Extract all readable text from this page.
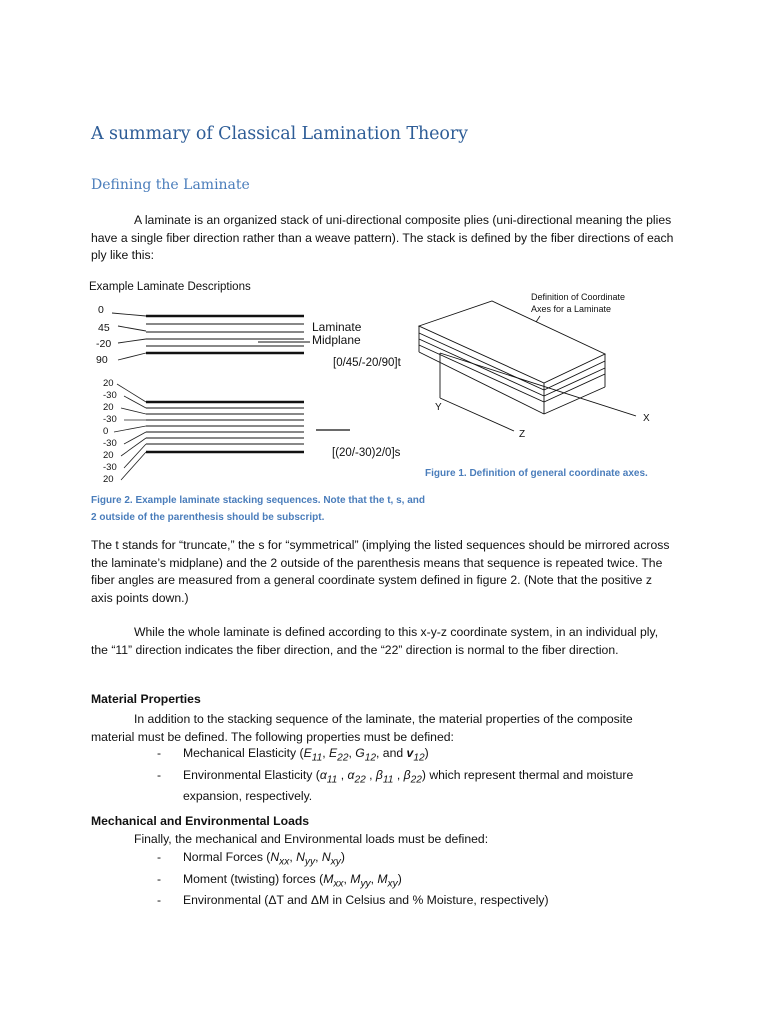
A summary of Classical Lamination Theory
Defining the Laminate

A laminate is an organized stack of uni-directional composite plies (uni-directional meaning the plies have a single fiber direction rather than a weave pattern). The stack is defined by the fiber directions of each ply like this:

Example Laminate Descriptions
0
45
-20
90
Laminate
Midplane
[0/45/-20/90]t
20
-30
20
-30
0
-30
20
-30
20
[(20/-30)2/0]s
Definition of Coordinate
Axes for a Laminate
X
Y
Z

Figure 1. Definition of general coordinate axes.

Figure 2. Example laminate stacking sequences. Note that the t, s, and 2 outside of the parenthesis should be subscript.

The t stands for “truncate,” the s for “symmetrical” (implying the listed sequences should be mirrored across the laminate’s midplane) and the 2 outside of the parenthesis means that sequence is repeated twice. The fiber angles are measured from a general coordinate system defined in figure 2. (Note that the positive z axis points down.)

While the whole laminate is defined according to this x-y-z coordinate system, in an individual ply, the “11” direction indicates the fiber direction, and the “22” direction is normal to the fiber direction.

Material Properties

In addition to the stacking sequence of the laminate, the material properties of the composite material must be defined. The following properties must be defined:

- Mechanical Elasticity ($E_{11}$, $E_{22}$, $G_{12}$, and $v_{12}$)
- Environmental Elasticity ($\alpha_{11}$ , $\alpha_{22}$ , $\beta_{11}$ , $\beta_{22}$) which represent thermal and moisture expansion, respectively.

Mechanical and Environmental Loads

Finally, the mechanical and Environmental loads must be defined:

- Normal Forces ($N_{xx}$, $N_{yy}$, $N_{xy}$)
- Moment (twisting) forces ($M_{xx}$, $M_{yy}$, $M_{xy}$)
- Environmental (ΔT and ΔM in Celsius and % Moisture, respectively)
